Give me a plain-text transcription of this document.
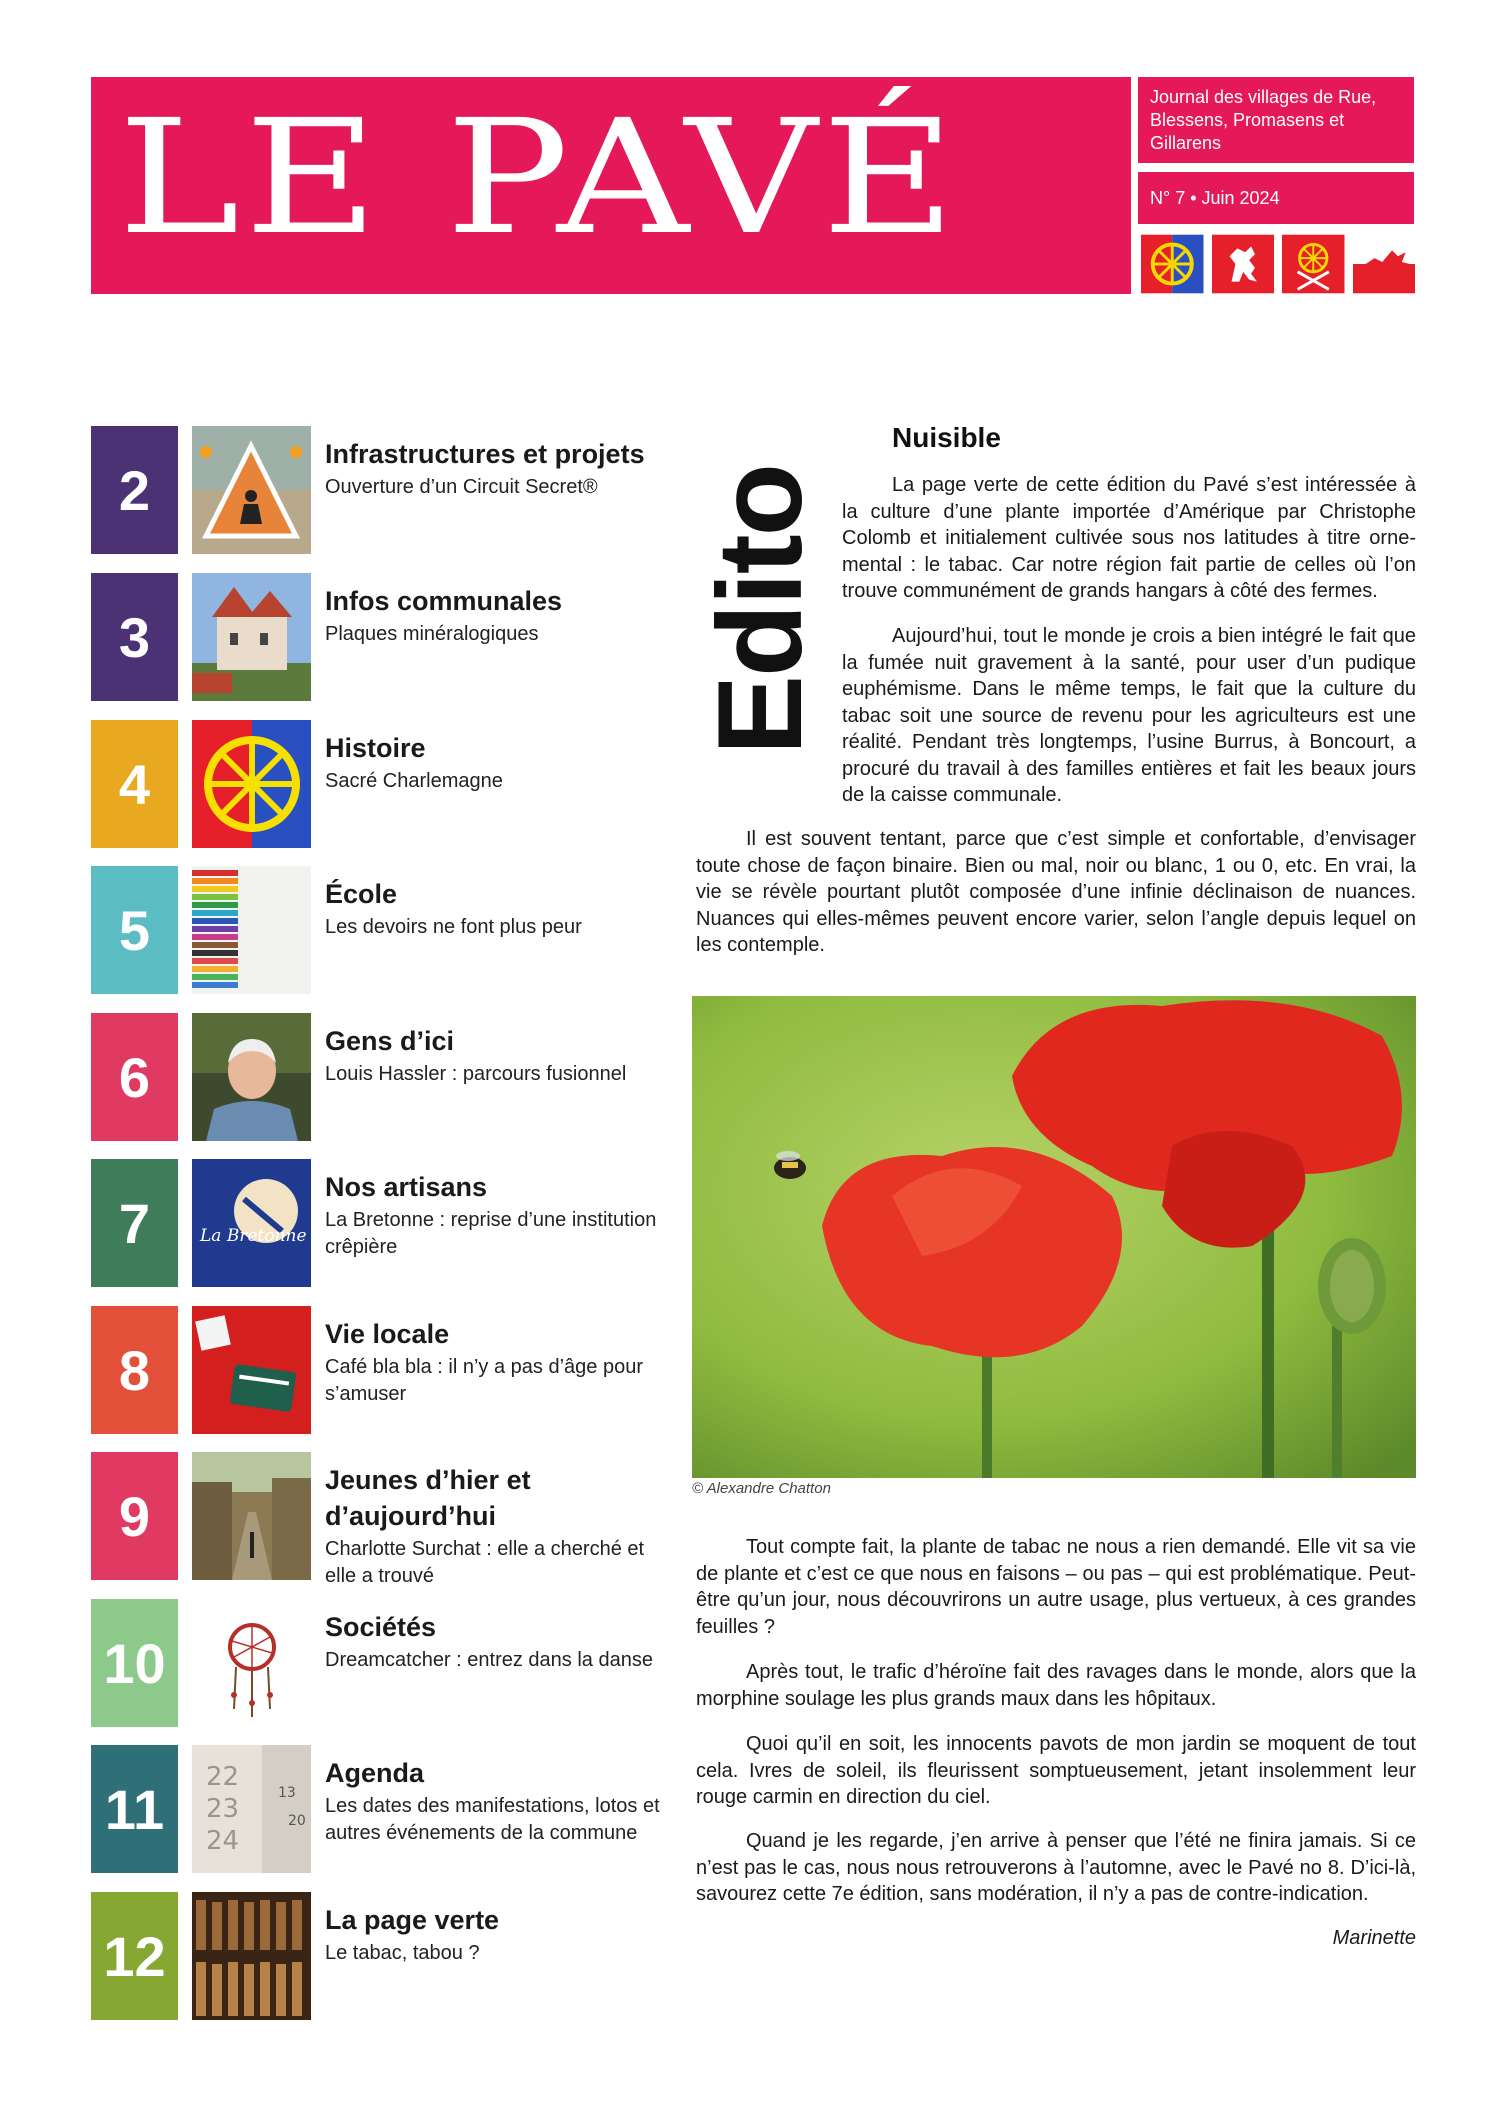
LE PAVÉ	Journal des villages de Rue, Blessens, Promasens et Gillarens
N° 7 • Juin 2024
2
Infrastructures et projets
Ouverture d’un Circuit Secret®
3
Infos communales
Plaques minéralogiques
4
Histoire
Sacré Charlemagne
5
École
Les devoirs ne font plus peur
6
Gens d’ici
Louis Hassler : parcours fusionnel
7	La Bretonne
Nos artisans
La Bretonne : reprise d’une institution crêpière
8
Vie locale
Café bla bla : il n’y a pas d’âge pour s’amuser
9
Jeunes d’hier et d’aujourd’hui
Charlotte Surchat : elle a cherché et elle a trouvé
10
Sociétés
Dreamcatcher : entrez dans la danse
11
22
23
24
13
20
Agenda
Les dates des manifestations, lotos et autres événements de la commune
12
La page verte
Le tabac, tabou ?
Edito
Nuisible

La page verte de cette édition du Pavé s’est intéressée à la culture d’une plante importée d’Amérique par Christophe Colomb et initialement cultivée sous nos latitudes à titre ornemental : le tabac. Car notre région fait partie de celles où l’on trouve communément de grands hangars à côté des fermes.

Aujourd’hui, tout le monde je crois a bien intégré le fait que la fumée nuit gravement à la santé, pour user d’un pudique euphémisme. Dans le même temps, le fait que la culture du tabac soit une source de revenu pour les agriculteurs est une réalité. Pendant très longtemps, l’usine Burrus, à Boncourt, a procuré du travail à des familles entières et fait les beaux jours de la caisse communale.

Il est souvent tentant, parce que c’est simple et confortable, d’envisager toute chose de façon binaire. Bien ou mal, noir ou blanc, 1 ou 0, etc. En vrai, la vie se révèle pourtant plutôt composée d’une infinie déclinaison de nuances. Nuances qui elles-mêmes peuvent encore varier, selon l’angle depuis lequel on les contemple.

© Alexandre Chatton

Tout compte fait, la plante de tabac ne nous a rien demandé. Elle vit sa vie de plante et c’est ce que nous en faisons – ou pas – qui est problématique. Peut-être qu’un jour, nous découvrirons un autre usage, plus vertueux, à ces grandes feuilles ?

Après tout, le trafic d’héroïne fait des ravages dans le monde, alors que la morphine soulage les plus grands maux dans les hôpitaux.

Quoi qu’il en soit, les innocents pavots de mon jardin se moquent de tout cela. Ivres de soleil, ils fleurissent somptueusement, jetant insolemment leur rouge carmin en direction du ciel.

Quand je les regarde, j’en arrive à penser que l’été ne finira jamais. Si ce n’est pas le cas, nous nous retrouverons à l’automne, avec le Pavé no 8. D’ici-là, savourez cette 7e édition, sans modération, il n’y a pas de contre-indication.

Marinette
